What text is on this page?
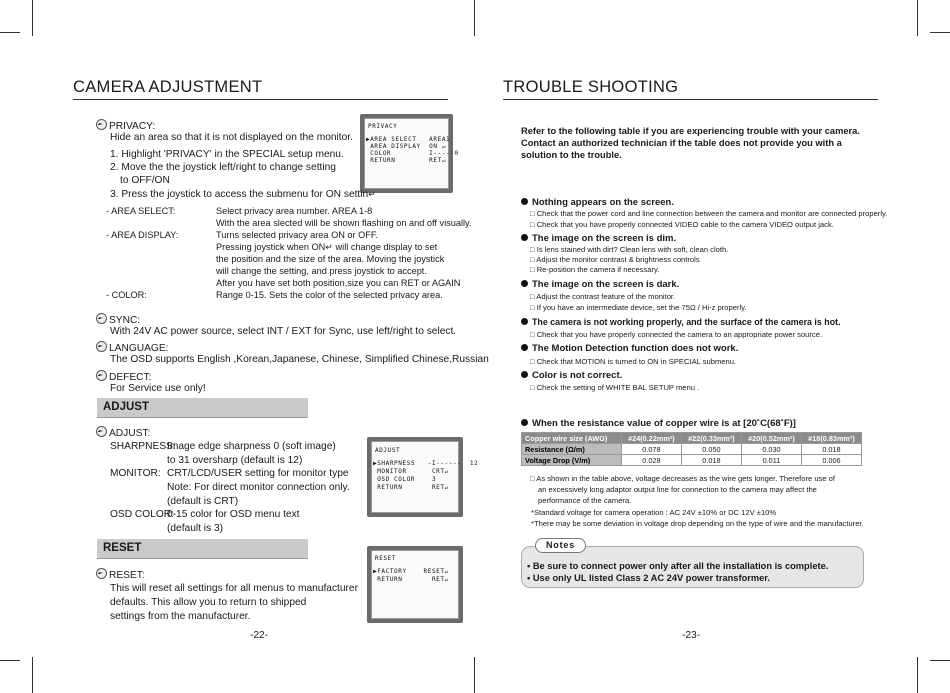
CAMERA ADJUSTMENT
PRIVACY
▶AREA SELECT   AREA1
AREA DISPLAY  ON ↵
COLOR         I-----0
RETURN        RET↵
PRIVACY:
Hide an area so that it is not displayed on the monitor.
1. Highlight 'PRIVACY' in the SPECIAL setup menu.
2. Move the the joystick left/right to change setting
to OFF/ON
3. Press the joystick to access the submenu for ON settin↵
- AREA SELECT:	Select privacy area number. AREA 1-8
With the area slected will be shown flashing on and off visually.
- AREA DISPLAY:	Turns selected privacy area ON or OFF.
Pressing joystick when ON↵ will change display to set
the position and the size of the area. Moving the joystick
will change the setting, and press joystick to accept.
After you have set both position,size you can RET or AGAIN
- COLOR:	Range 0-15. Sets the color of the selected privacy area.
SYNC:
With 24V AC power source, select INT / EXT for Sync, use left/right to select.
LANGUAGE:
The OSD supports English ,Korean,Japanese, Chinese, Simplified Chinese,Russian
DEFECT:
For Service use only!
ADJUST
ADJUST
▶SHARPNESS   -I------  12
MONITOR      CRT↵
OSD COLOR    3
RETURN       RET↵
ADJUST:
SHARPNESS:
Image edge sharpness 0 (soft image)
to 31 oversharp (default is 12)
MONITOR: CRT/LCD/USER setting for monitor type
Note: For direct monitor connection only.
(default is CRT)
OSD COLOR:
0-15 color for OSD menu text
(default is 3)
RESET
RESET
▶FACTORY    RESET↵
RETURN       RET↵
RESET:
This will reset all settings for all menus to manufacturer
defaults. This allow you to return to shipped
settings from the manufacturer.
-22-
TROUBLE SHOOTING
Refer to the following table if you are experiencing trouble with your camera.
Contact an authorized technician if the table does not provide you with a
solution to the trouble.
Nothing appears on the screen.
□ Check that the power cord and line connection between the camera and monitor are connected properly.
□ Check that you have properly connected VIDEO cable to the camera VIDEO output jack.
The image on the screen is dim.
□ Is lens stained with dirt? Clean lens with soft, clean cloth.
□ Adjust the monitor contrast & brightness controls
□ Re-position the camera if necessary.
The image on the screen is dark.
□ Adjust the contrast feature of the monitor.
□ If you have an intermediate device, set the 75Ω / Hi-z properly.
The camera is not working properly, and the surface of the camera is hot.
□ Check that you have properly connected the camera to an appropriate power source.
The Motion Detection function does not work.
□ Check that MOTION is turned to ON in SPECIAL submenu.
Color is not correct.
□ Check the setting of WHITE BAL SETUP menu .
When the resistance value of copper wire is at [20˚C(68˚F)]
Copper wire size (AWG)	#24(0.22mm²)	#22(0.33mm²)	#20(0.52mm²)	#18(0.83mm²)
Resistance (Ω/m)	0.078	0.050	0.030	0.018
Voltage Drop (V/m)	0.028	0.018	0.011	0.006
□ As shown in the table above, voltage decreases as the wire gets longer. Therefore use of
an excessively long adaptor output line for connection to the camera may affect the
performance of the camera.
*Standard voltage for camera operation : AC 24V ±10% or DC 12V ±10%
*There may be some deviation in voltage drop depending on the type of wire and the manufacturer.
Notes
• Be sure to connect power only after all the installation is complete.
• Use only UL listed Class 2 AC 24V power transformer.
-23-
